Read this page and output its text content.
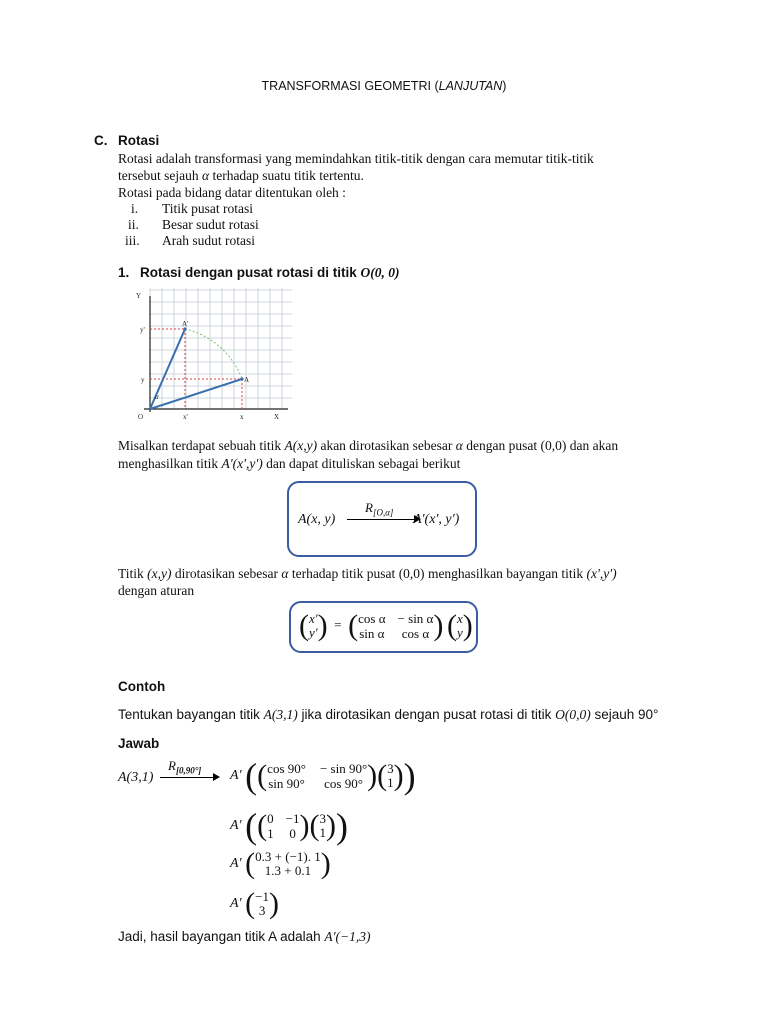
TRANSFORMASI GEOMETRI (LANJUTAN)
C. Rotasi
Rotasi adalah transformasi yang memindahkan titik-titik dengan cara memutar titik-titik
tersebut sejauh α terhadap suatu titik tertentu.
Rotasi pada bidang datar ditentukan oleh :
i. Titik pusat rotasi
ii. Besar sudut rotasi
iii. Arah sudut rotasi
1. Rotasi dengan pusat rotasi di titik O(0, 0)
Y
X
O
y'
y
x'	x
A
A'
α
Misalkan terdapat sebuah titik A(x,y) akan dirotasikan sebesar α dengan pusat (0,0) dan akan
menghasilkan titik A'(x',y') dan dapat dituliskan sebagai berikut
A(x, y)
$R_{[O,\alpha]}$ A'(x', y')
Titik (x,y) dirotasikan sebesar α terhadap titik pusat (0,0) menghasilkan bayangan titik (x',y')
dengan aturan
( x'
y' ) = ( cos α − sin α
sin α	cos α )
( x
y )
Contoh
Tentukan bayangan titik A(3,1) jika dirotasikan dengan pusat rotasi di titik O(0,0) sejauh 90°
Jawab
A(3,1)
$R_{[0,90^\circ]}$ A' ( ( cos 90° − sin 90°
sin 90°	cos 90° ) ( 3
1 ) )
A' ( ( 0 −1
1 0 ) ( 3
1 ) )
A' ( 0.3 + (−1). 1
1.3 + 0.1 )
A' ( −1
3 )
Jadi, hasil bayangan titik A adalah A'(−1,3)
